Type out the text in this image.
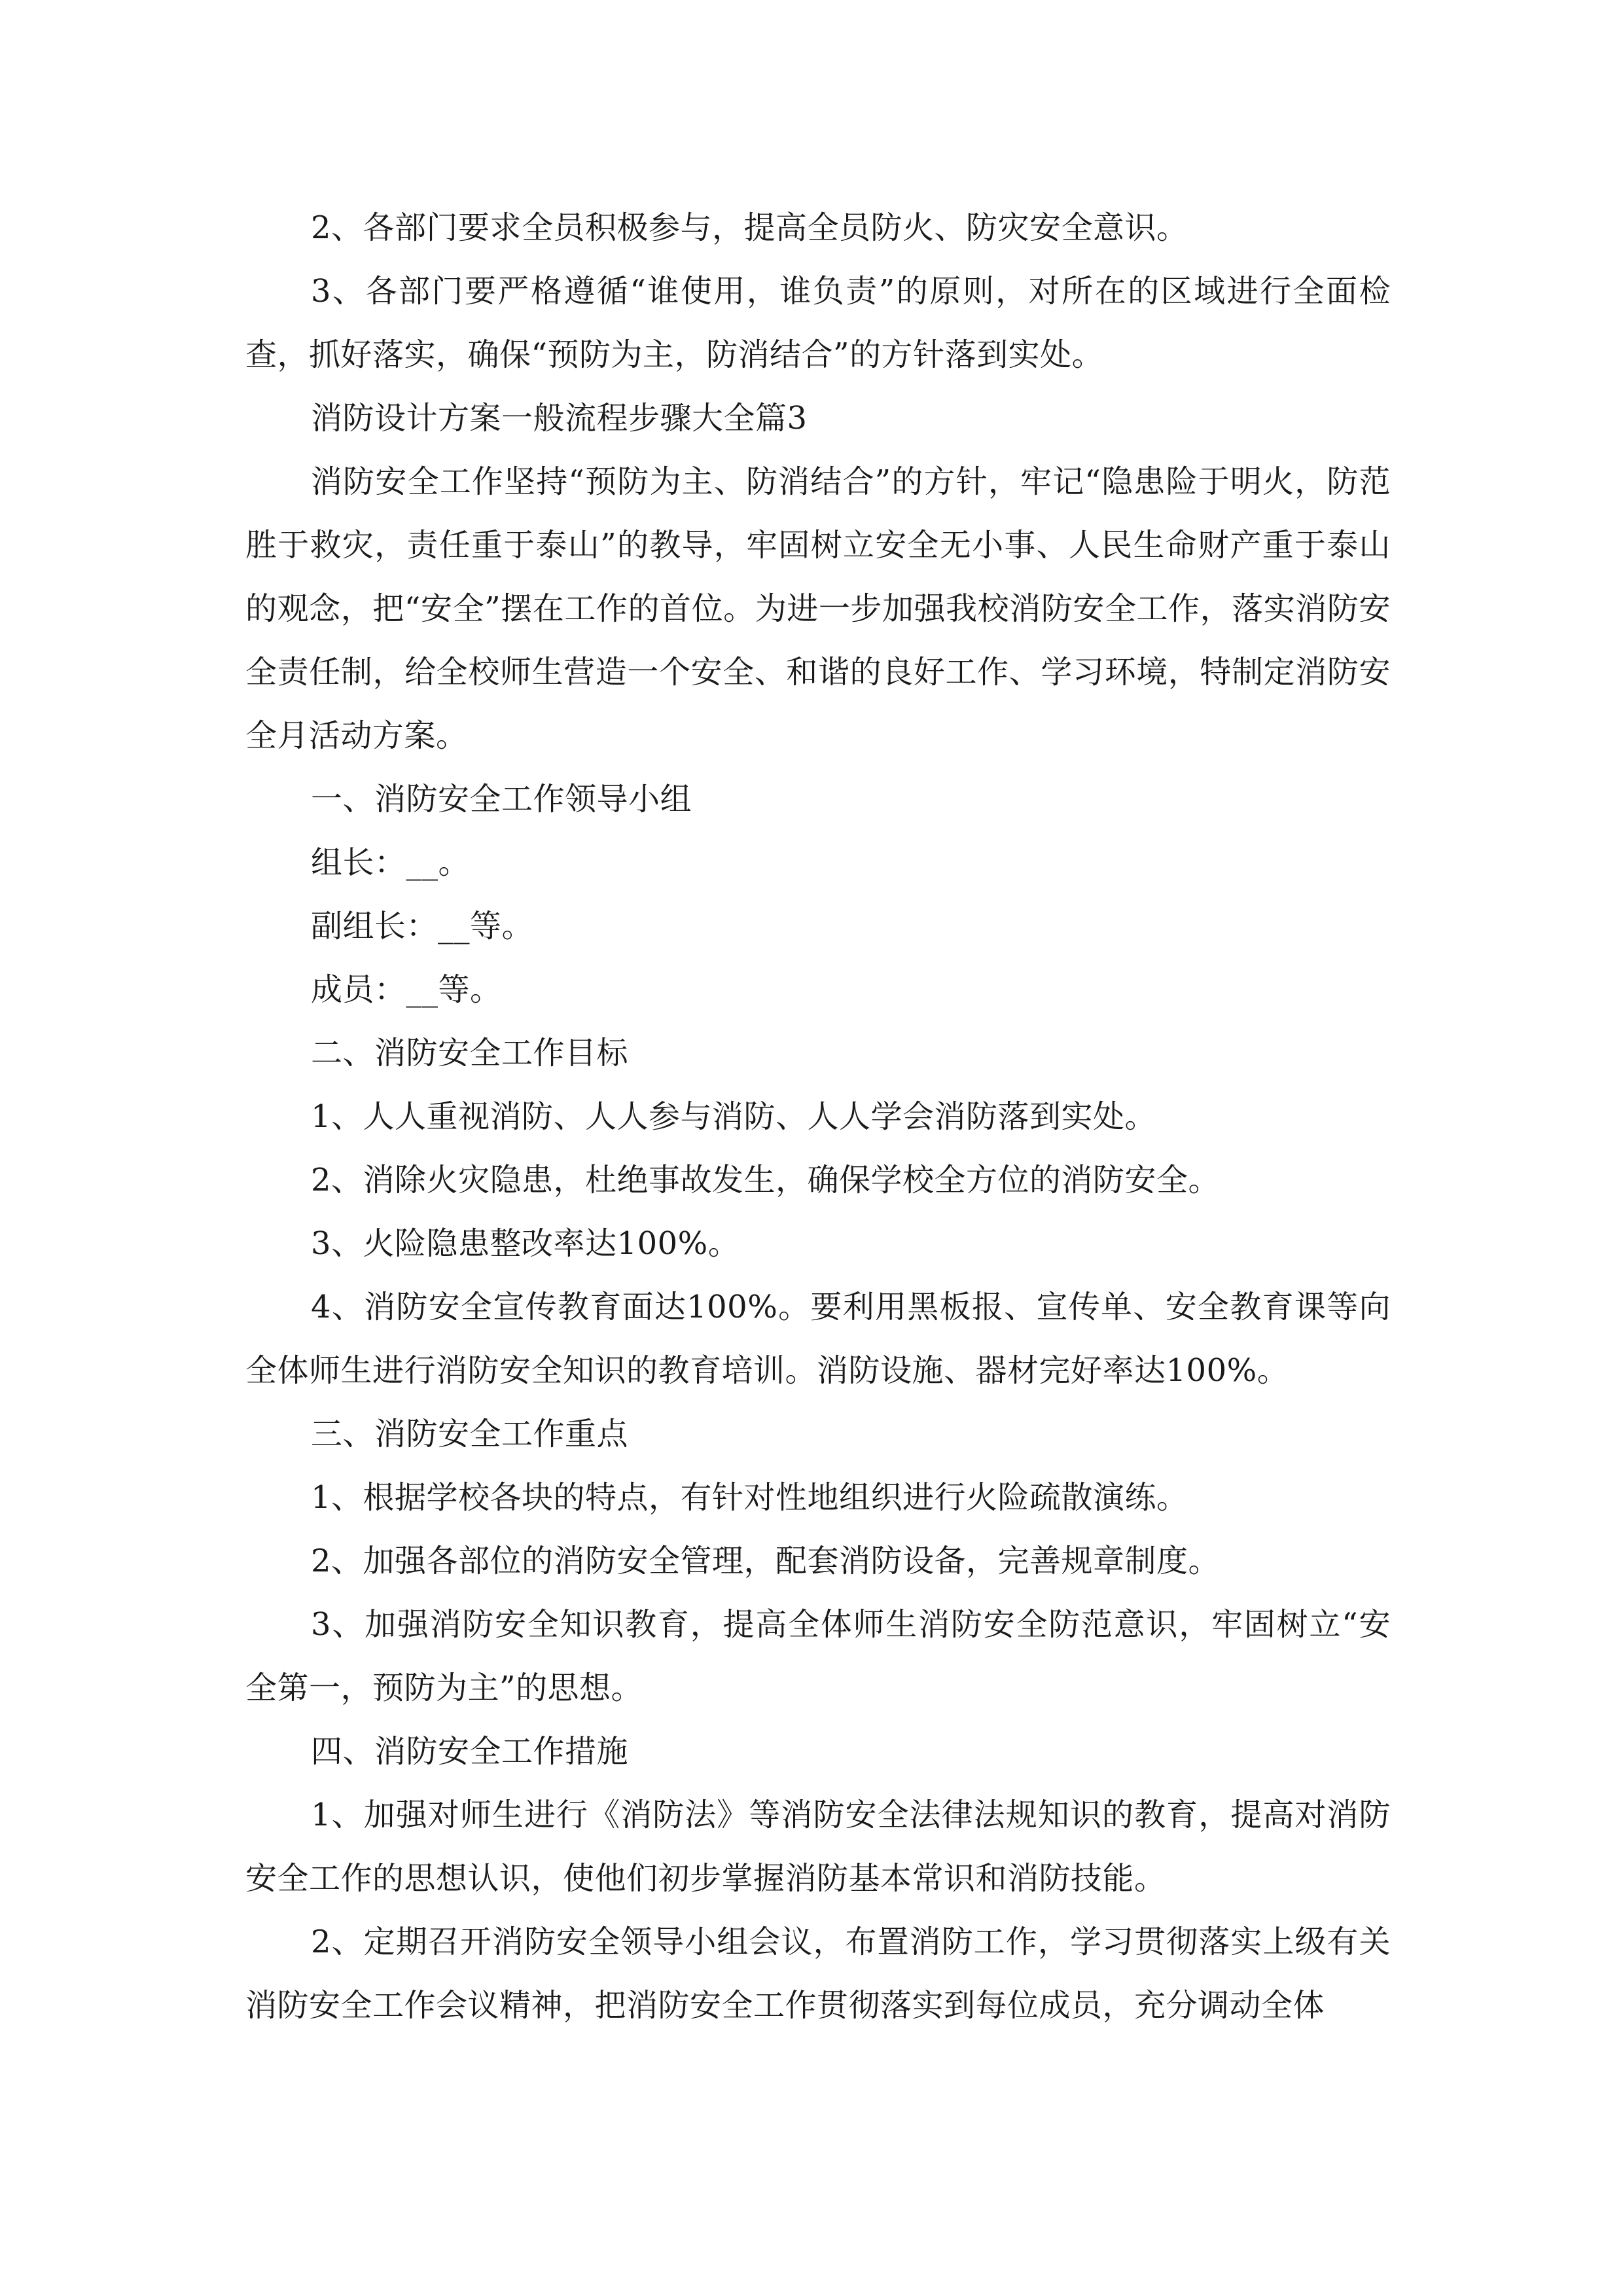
2、各部门要求全员积极参与，提高全员防火、防灾安全意识。

3、各部门要严格遵循“谁使用，谁负责”的原则，对所在的区域进行全面检查，抓好落实，确保“预防为主，防消结合”的方针落到实处。

消防设计方案一般流程步骤大全篇3

消防安全工作坚持“预防为主、防消结合”的方针，牢记“隐患险于明火，防范胜于救灾，责任重于泰山”的教导，牢固树立安全无小事、人民生命财产重于泰山的观念，把“安全”摆在工作的首位。为进一步加强我校消防安全工作，落实消防安全责任制，给全校师生营造一个安全、和谐的良好工作、学习环境，特制定消防安全月活动方案。

一、消防安全工作领导小组

组长：__。

副组长：__等。

成员：__等。

二、消防安全工作目标

1、人人重视消防、人人参与消防、人人学会消防落到实处。

2、消除火灾隐患，杜绝事故发生，确保学校全方位的消防安全。

3、火险隐患整改率达100%。

4、消防安全宣传教育面达100%。要利用黑板报、宣传单、安全教育课等向全体师生进行消防安全知识的教育培训。消防设施、器材完好率达100%。

三、消防安全工作重点

1、根据学校各块的特点，有针对性地组织进行火险疏散演练。

2、加强各部位的消防安全管理，配套消防设备，完善规章制度。

3、加强消防安全知识教育，提高全体师生消防安全防范意识，牢固树立“安全第一，预防为主”的思想。

四、消防安全工作措施

1、加强对师生进行《消防法》等消防安全法律法规知识的教育，提高对消防安全工作的思想认识，使他们初步掌握消防基本常识和消防技能。

2、定期召开消防安全领导小组会议，布置消防工作，学习贯彻落实上级有关消防安全工作会议精神，把消防安全工作贯彻落实到每位成员，充分调动全体
